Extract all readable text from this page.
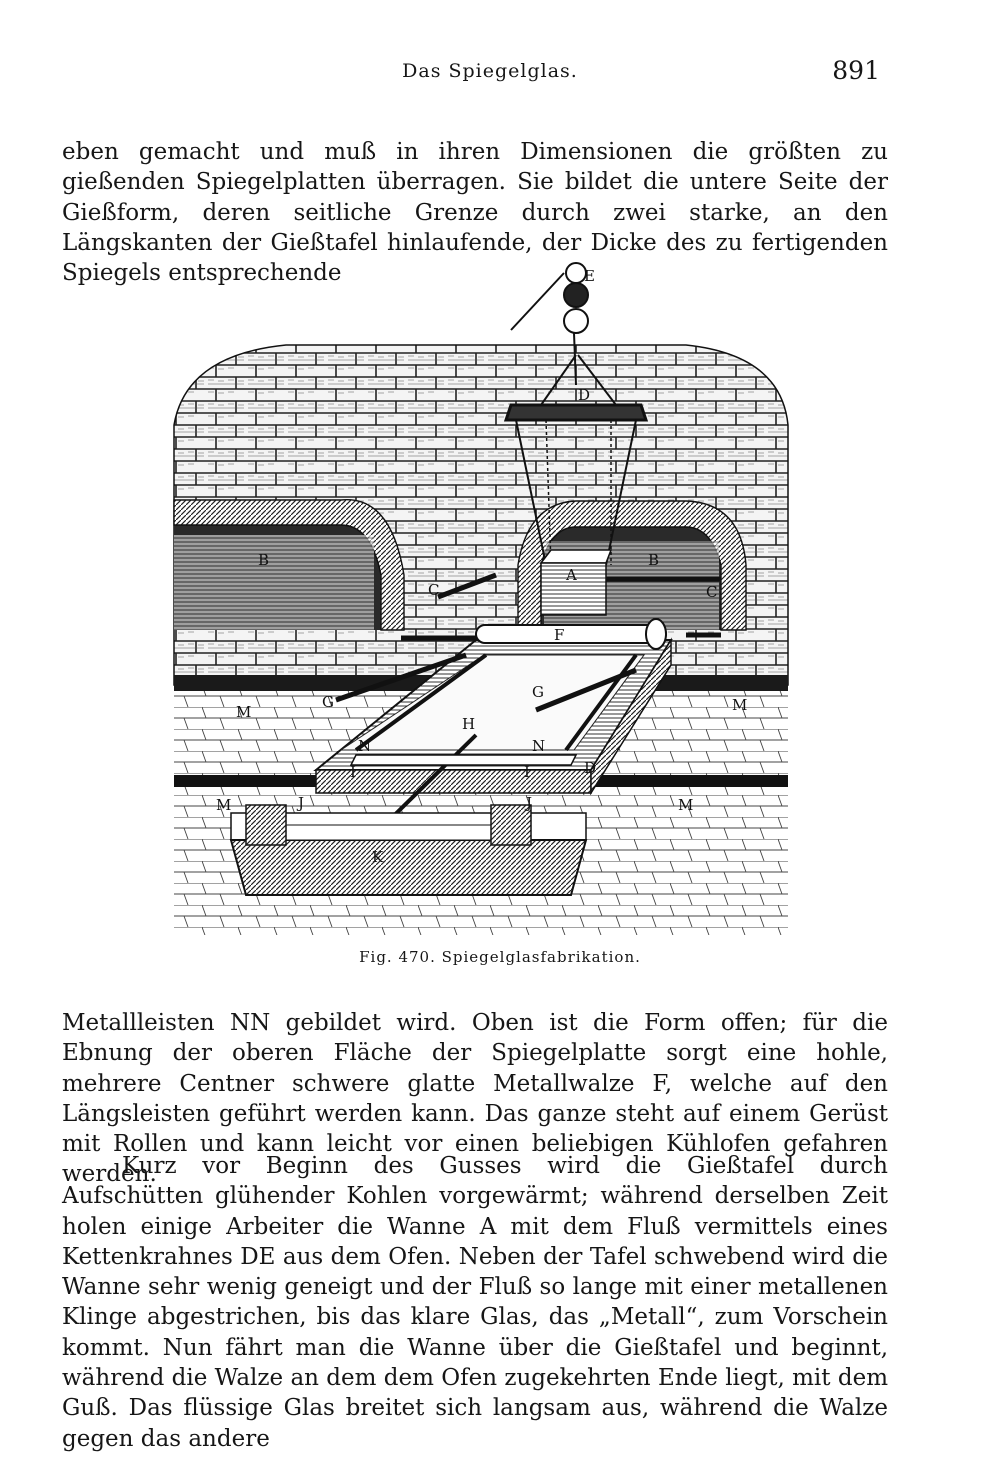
Das Spiegelglas.	891

eben gemacht und muß in ihren Dimensionen die größten zu gießenden Spiegelplatten überragen. Sie bildet die untere Seite der Gießform, deren seitliche Grenze durch zwei starke, an den Längskanten der Gießtafel hinlaufende, der Dicke des zu fertigenden Spiegels entsprechende	E
D
A
B	B
C	C
F
G
G
H
N	N
M	M
M	M
I	I	D
J	J
K
Fig. 470. Spiegelglasfabrikation.

Metallleisten NN gebildet wird. Oben ist die Form offen; für die Ebnung der oberen Fläche der Spiegelplatte sorgt eine hohle, mehrere Centner schwere glatte Metallwalze F, welche auf den Längsleisten geführt werden kann. Das ganze steht auf einem Gerüst mit Rollen und kann leicht vor einen beliebigen Kühlofen gefahren werden.

Kurz vor Beginn des Gusses wird die Gießtafel durch Aufschütten glühender Kohlen vorgewärmt; während derselben Zeit holen einige Arbeiter die Wanne A mit dem Fluß vermittels eines Kettenkrahnes DE aus dem Ofen. Neben der Tafel schwebend wird die Wanne sehr wenig geneigt und der Fluß so lange mit einer metallenen Klinge abgestrichen, bis das klare Glas, das „Metall“, zum Vorschein kommt. Nun fährt man die Wanne über die Gießtafel und beginnt, während die Walze an dem dem Ofen zugekehrten Ende liegt, mit dem Guß. Das flüssige Glas breitet sich langsam aus, während die Walze gegen das andere
